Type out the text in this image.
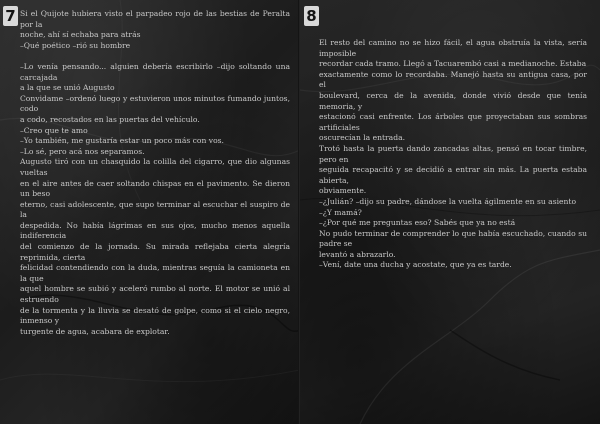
7 Si el Quijote hubiera visto el parpadeo rojo de las bestias de Peralta por la

noche, ahí sí echaba para atrás

–Qué poético –rió su hombre

–Lo venía pensando... alguien debería escribirlo –dijo soltando una carcajada

a la que se unió Augusto

Convidame –ordenó luego y estuvieron unos minutos fumando juntos, codo

a codo, recostados en las puertas del vehículo.

–Creo que te amo

–Yo también, me gustaría estar un poco más con vos.

–Lo sé, pero acá nos separamos.

Augusto tiró con un chasquido la colilla del cigarro, que dio algunas vueltas

en el aire antes de caer soltando chispas en el pavimento. Se dieron un beso

eterno, casi adolescente, que supo terminar al escuchar el suspiro de la

despedida. No había lágrimas en sus ojos, mucho menos aquella indiferencia

del comienzo de la jornada. Su mirada reflejaba cierta alegría reprimida, cierta

felicidad contendiendo con la duda, mientras seguía la camioneta en la que

aquel hombre se subió y aceleró rumbo al norte. El motor se unió al estruendo

de la tormenta y la lluvia se desató de golpe, como si el cielo negro, inmenso y

turgente de agua, acabara de explotar.

8

El resto del camino no se hizo fácil, el agua obstruía la vista, sería imposible

recordar cada tramo. Llegó a Tacuarembó casi a medianoche. Estaba

exactamente como lo recordaba. Manejó hasta su antigua casa, por el

boulevard, cerca de la avenida, donde vivió desde que tenía memoria, y

estacionó casi enfrente. Los árboles que proyectaban sus sombras artificiales

oscurecían la entrada.

Trotó hasta la puerta dando zancadas altas, pensó en tocar timbre, pero en

seguida recapacitó y se decidió a entrar sin más. La puerta estaba abierta,

obviamente.

–¿Julián? –dijo su padre, dándose la vuelta ágilmente en su asiento

–¿Y mamá?

–¿Por qué me preguntas eso? Sabés que ya no está

No pudo terminar de comprender lo que había escuchado, cuando su padre se

levantó a abrazarlo.

–Vení, date una ducha y acostate, que ya es tarde.
